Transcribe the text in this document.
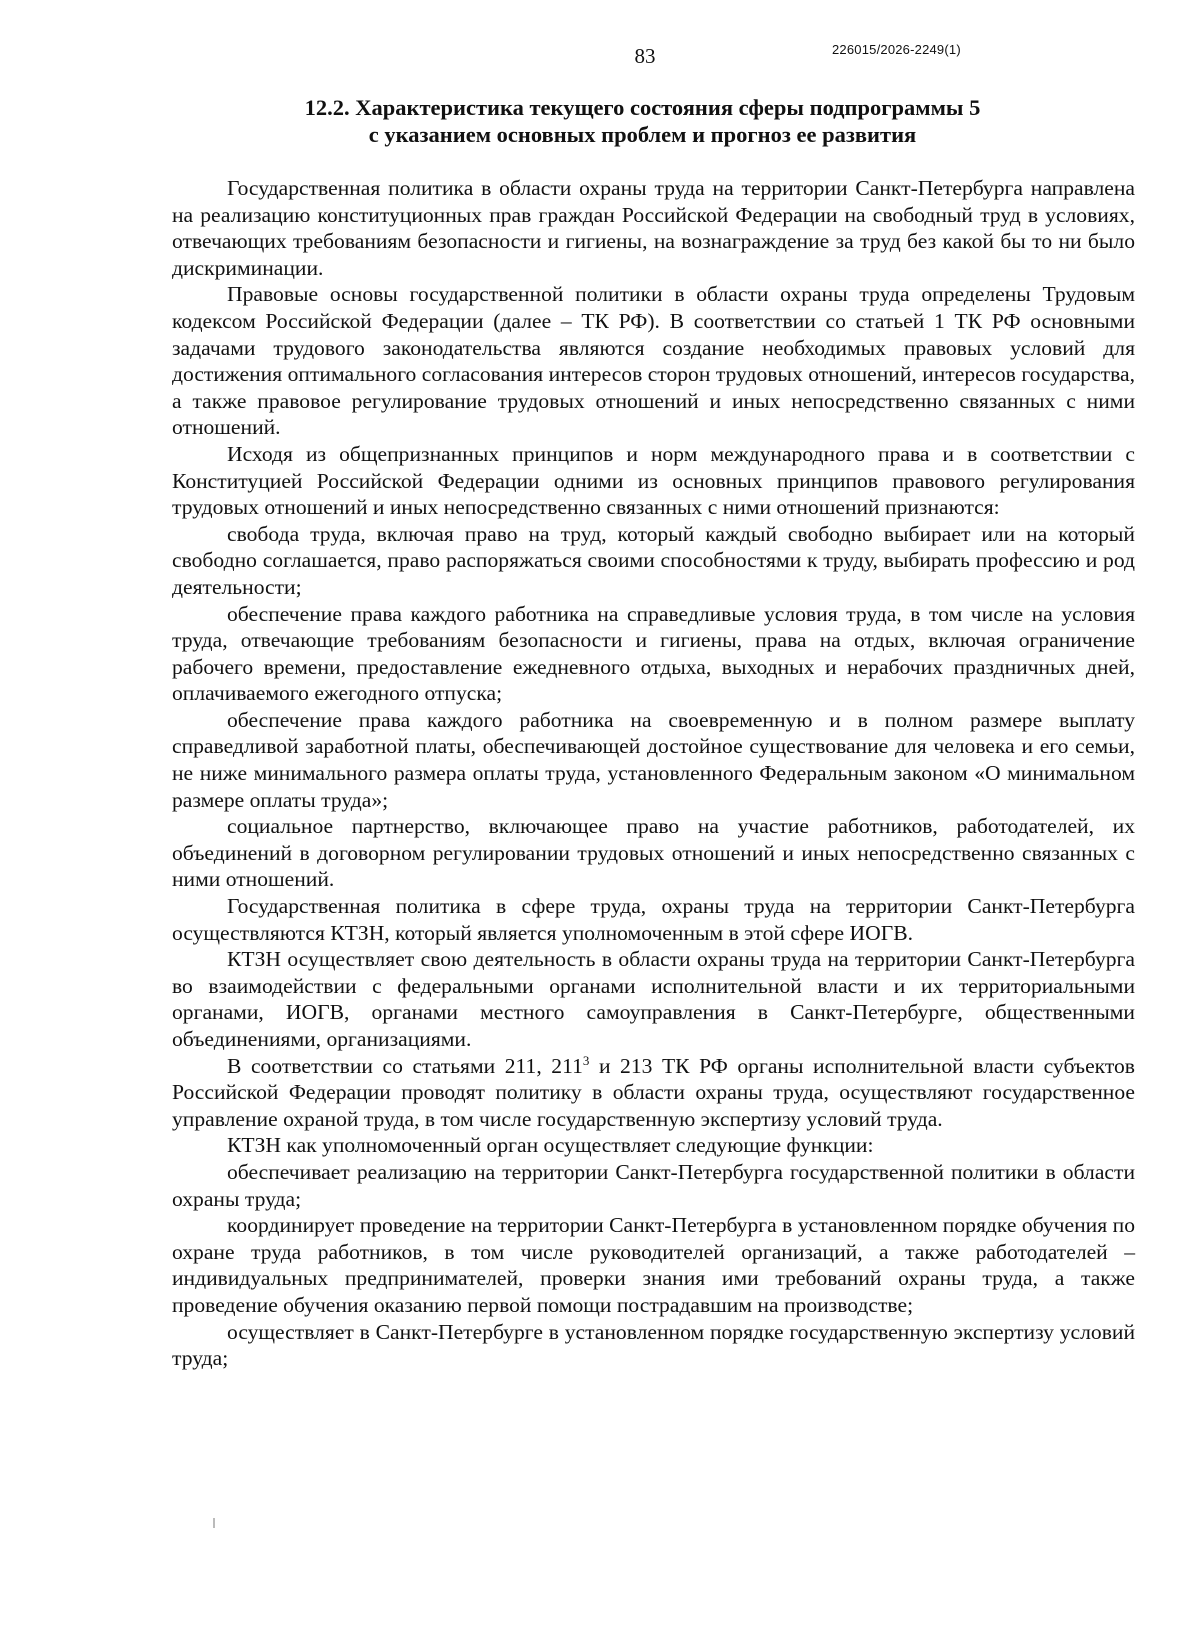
83	226015/2026-2249(1)
12.2. Характеристика текущего состояния сферы подпрограммы 5
с указанием основных проблем и прогноз ее развития

Государственная политика в области охраны труда на территории Санкт-Петербурга направлена на реализацию конституционных прав граждан Российской Федерации на свободный труд в условиях, отвечающих требованиям безопасности и гигиены, на вознаграждение за труд без какой бы то ни было дискриминации.

Правовые основы государственной политики в области охраны труда определены Трудовым кодексом Российской Федерации (далее – ТК РФ). В соответствии со статьей 1 ТК РФ основными задачами трудового законодательства являются создание необходимых правовых условий для достижения оптимального согласования интересов сторон трудовых отношений, интересов государства, а также правовое регулирование трудовых отношений и иных непосредственно связанных с ними отношений.

Исходя из общепризнанных принципов и норм международного права и в соответствии с Конституцией Российской Федерации одними из основных принципов правового регулирования трудовых отношений и иных непосредственно связанных с ними отношений признаются:

свобода труда, включая право на труд, который каждый свободно выбирает или на который свободно соглашается, право распоряжаться своими способностями к труду, выбирать профессию и род деятельности;

обеспечение права каждого работника на справедливые условия труда, в том числе на условия труда, отвечающие требованиям безопасности и гигиены, права на отдых, включая ограничение рабочего времени, предоставление ежедневного отдыха, выходных и нерабочих праздничных дней, оплачиваемого ежегодного отпуска;

обеспечение права каждого работника на своевременную и в полном размере выплату справедливой заработной платы, обеспечивающей достойное существование для человека и его семьи, не ниже минимального размера оплаты труда, установленного Федеральным законом «О минимальном размере оплаты труда»;

социальное партнерство, включающее право на участие работников, работодателей, их объединений в договорном регулировании трудовых отношений и иных непосредственно связанных с ними отношений.

Государственная политика в сфере труда, охраны труда на территории Санкт-Петербурга осуществляются КТЗН, который является уполномоченным в этой сфере ИОГВ.

КТЗН осуществляет свою деятельность в области охраны труда на территории Санкт-Петербурга во взаимодействии с федеральными органами исполнительной власти и их территориальными органами, ИОГВ, органами местного самоуправления в Санкт-Петербурге, общественными объединениями, организациями.

В соответствии со статьями 211, $211^3$ и 213 ТК РФ органы исполнительной власти субъектов Российской Федерации проводят политику в области охраны труда, осуществляют государственное управление охраной труда, в том числе государственную экспертизу условий труда.

КТЗН как уполномоченный орган осуществляет следующие функции:

обеспечивает реализацию на территории Санкт-Петербурга государственной политики в области охраны труда;

координирует проведение на территории Санкт-Петербурга в установленном порядке обучения по охране труда работников, в том числе руководителей организаций, а также работодателей – индивидуальных предпринимателей, проверки знания ими требований охраны труда, а также проведение обучения оказанию первой помощи пострадавшим на производстве;

осуществляет в Санкт-Петербурге в установленном порядке государственную экспертизу условий труда;
